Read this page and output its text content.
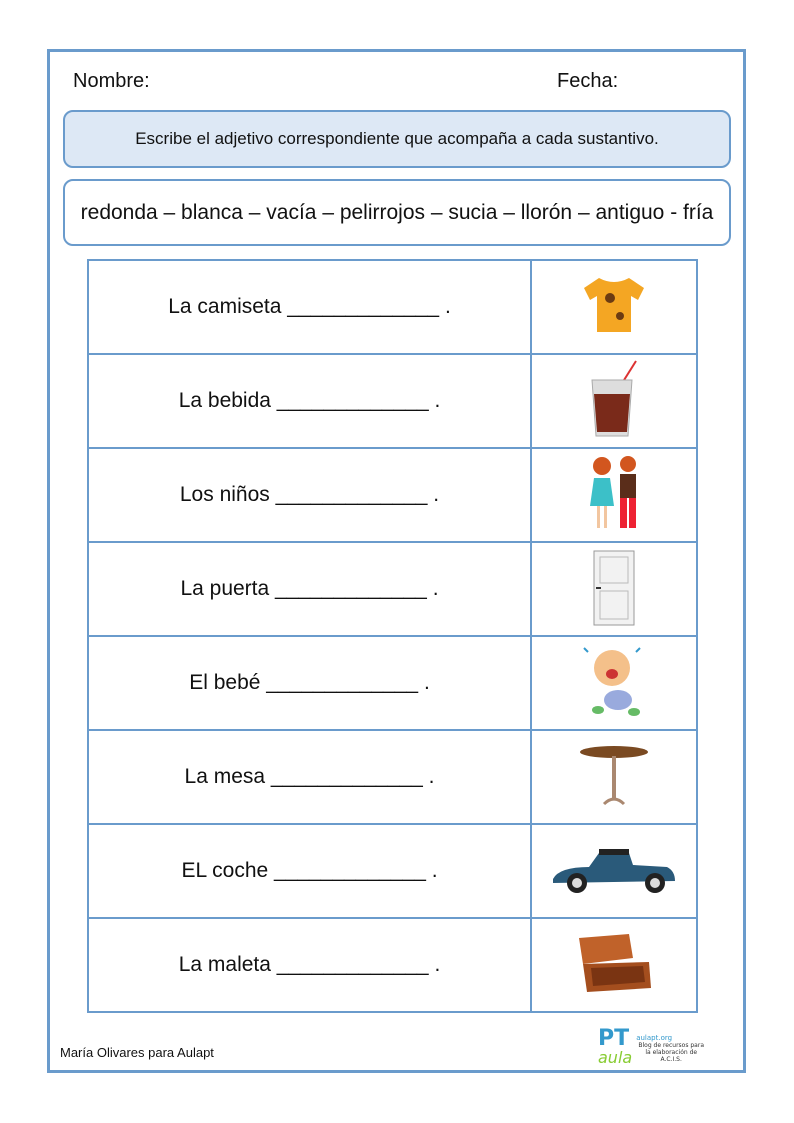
Nombre:	Fecha:
Escribe el adjetivo correspondiente que acompaña a cada sustantivo.
redonda – blanca – vacía – pelirrojos – sucia – llorón – antiguo - fría
La camiseta _____________ .	
La bebida _____________ .	
Los niños _____________ .	
La puerta _____________ .	
El bebé _____________ .	
La mesa _____________ .	
EL coche _____________ .	
La maleta _____________ .	
María Olivares para Aulapt
PT
aula
aulapt.org
Blog de recursos para la elaboración de A.C.I.S.
